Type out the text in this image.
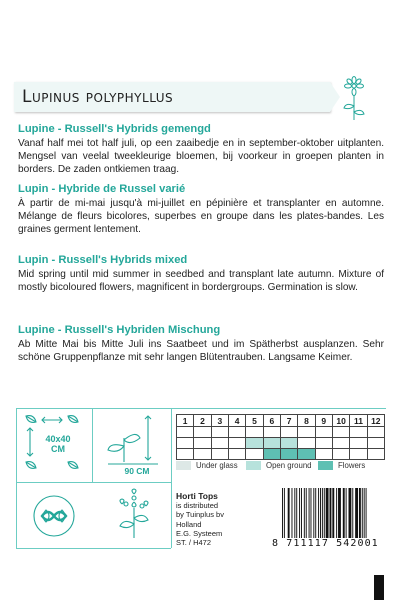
Lupinus polyphyllus
Lupine - Russell's Hybrids gemengd

Vanaf half mei tot half juli, op een zaaibedje en in september-oktober uitplanten. Mengsel van veelal tweekleurige bloemen, bij voorkeur in groepen planten in borders. De zaden ontkiemen traag.

Lupin - Hybride de Russel varié

À partir de mi-mai jusqu'à mi-juillet en pépinière et transplanter en automne. Mélange de fleurs bicolores, superbes en groupe dans les plates-bandes. Les graines germent lentement.

Lupin - Russell's Hybrids mixed

Mid spring until mid summer in seedbed and transplant late autumn. Mixture of mostly bicoloured flowers, magnificent in bordergroups. Germination is slow.

Lupine - Russell's Hybriden Mischung

Ab Mitte Mai bis Mitte Juli ins Saatbeet und im Spätherbst ausplanzen. Sehr schöne Gruppenpflanze mit sehr langen Blütentrauben. Langsame Keimer.

40x40
CM
90 CM
1	2	3	4	5	6	7	8	9	10	11	12

Under glass	Open ground	Flowers
Horti Tops
is distributed
by Tuinplus bv
Holland
E.G. Systeem
ST. / H472	8 711117 542001
